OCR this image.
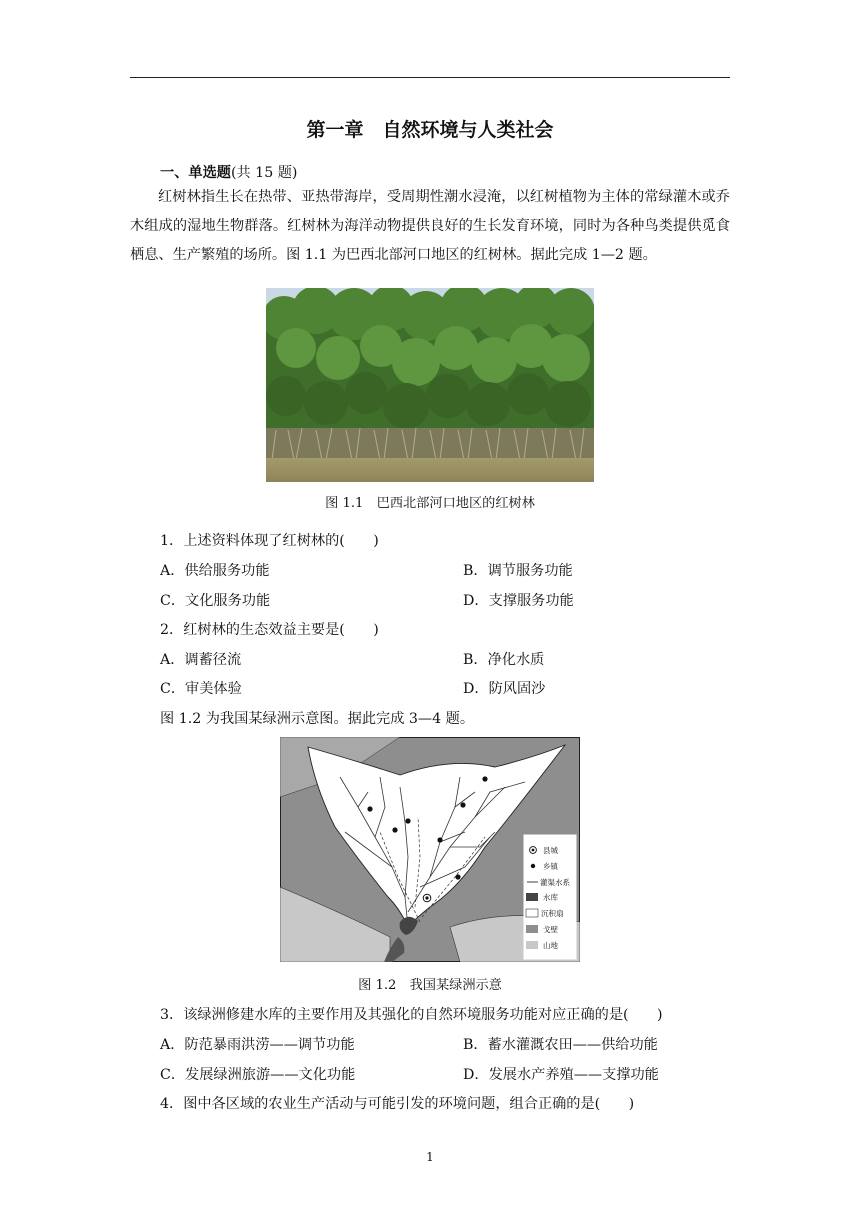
第一章　自然环境与人类社会
一、单选题(共 15 题)
红树林指生长在热带、亚热带海岸，受周期性潮水浸淹，以红树植物为主体的常绿灌木或乔木组成的湿地生物群落。红树林为海洋动物提供良好的生长发育环境，同时为各种鸟类提供觅食栖息、生产繁殖的场所。图 1.1 为巴西北部河口地区的红树林。据此完成 1—2 题。
图 1.1　巴西北部河口地区的红树林
1．上述资料体现了红树林的(　　)
A．供给服务功能	B．调节服务功能
C．文化服务功能	D．支撑服务功能
2．红树林的生态效益主要是(　　)
A．调蓄径流	B．净化水质
C．审美体验	D．防风固沙
图 1.2 为我国某绿洲示意图。据此完成 3—4 题。
县城
乡镇
灌渠水系
水库
沉积扇
戈壁
山地
图 1.2　我国某绿洲示意
3．该绿洲修建水库的主要作用及其强化的自然环境服务功能对应正确的是(　　)
A．防范暴雨洪涝——调节功能	B．蓄水灌溉农田——供给功能
C．发展绿洲旅游——文化功能	D．发展水产养殖——支撑功能
4．图中各区域的农业生产活动与可能引发的环境问题，组合正确的是(　　)
1
